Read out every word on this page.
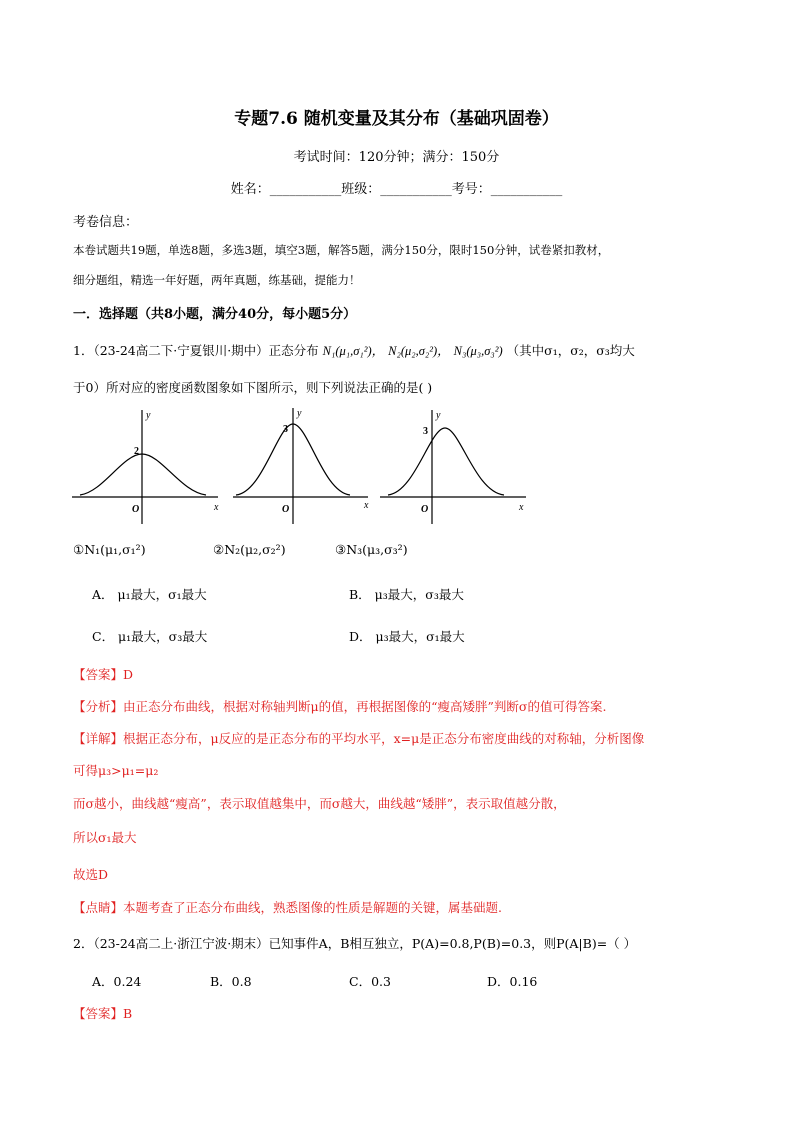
专题7.6 随机变量及其分布（基础巩固卷）
考试时间：120分钟；满分：150分
姓名：___________班级：___________考号：___________
考卷信息：
本卷试题共19题，单选8题，多选3题，填空3题，解答5题，满分150分，限时150分钟，试卷紧扣教材，
细分题组，精选一年好题，两年真题，练基础，提能力！
一．选择题（共8小题，满分40分，每小题5分）
1．（23-24高二下·宁夏银川·期中）正态分布 N₁(μ₁,σ₁²)， N₂(μ₂,σ₂²)， N₃(μ₃,σ₃²) （其中σ₁，σ₂，σ₃均大
于0）所对应的密度函数图象如下图所示，则下列说法正确的是( )
y
2
O	x
y
3
O	x
y
3
O	x
①N₁(μ₁,σ₁²)	②N₂(μ₂,σ₂²)	③N₃(μ₃,σ₃²)
A． μ₁最大，σ₁最大	B． μ₃最大，σ₃最大
C． μ₁最大，σ₃最大	D． μ₃最大，σ₁最大
【答案】D
【分析】由正态分布曲线，根据对称轴判断μ的值，再根据图像的“瘦高矮胖”判断σ的值可得答案.
【详解】根据正态分布，μ反应的是正态分布的平均水平，x=μ是正态分布密度曲线的对称轴，分析图像
可得μ₃>μ₁=μ₂
而σ越小，曲线越“瘦高”，表示取值越集中，而σ越大，曲线越“矮胖”，表示取值越分散，
所以σ₁最大
故选D
【点睛】本题考查了正态分布曲线，熟悉图像的性质是解题的关键，属基础题.
2．（23-24高二上·浙江宁波·期末）已知事件A，B相互独立，P(A)=0.8,P(B)=0.3，则P(A|B)=（ ）
A．0.24	B．0.8	C．0.3	D．0.16
【答案】B
